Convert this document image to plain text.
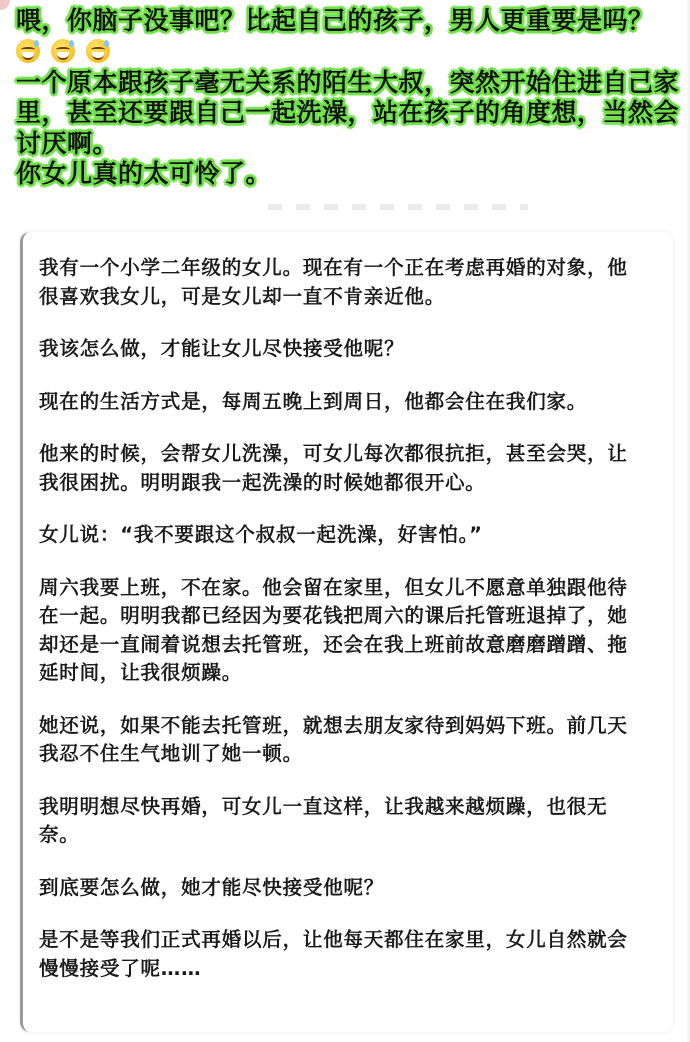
喂，你脑子没事吧？比起自己的孩子，男人更重要是吗？

一个原本跟孩子毫无关系的陌生大叔，突然开始住进自己家里，甚至还要跟自己一起洗澡，站在孩子的角度想，当然会讨厌啊。

你女儿真的太可怜了。

我有一个小学二年级的女儿。现在有一个正在考虑再婚的对象，他很喜欢我女儿，可是女儿却一直不肯亲近他。

我该怎么做，才能让女儿尽快接受他呢？

现在的生活方式是，每周五晚上到周日，他都会住在我们家。

他来的时候，会帮女儿洗澡，可女儿每次都很抗拒，甚至会哭，让我很困扰。明明跟我一起洗澡的时候她都很开心。

女儿说：“我不要跟这个叔叔一起洗澡，好害怕。”

周六我要上班，不在家。他会留在家里，但女儿不愿意单独跟他待在一起。明明我都已经因为要花钱把周六的课后托管班退掉了，她却还是一直闹着说想去托管班，还会在我上班前故意磨磨蹭蹭、拖延时间，让我很烦躁。

她还说，如果不能去托管班，就想去朋友家待到妈妈下班。前几天我忍不住生气地训了她一顿。

我明明想尽快再婚，可女儿一直这样，让我越来越烦躁，也很无奈。

到底要怎么做，她才能尽快接受他呢？

是不是等我们正式再婚以后，让他每天都住在家里，女儿自然就会慢慢接受了呢……
